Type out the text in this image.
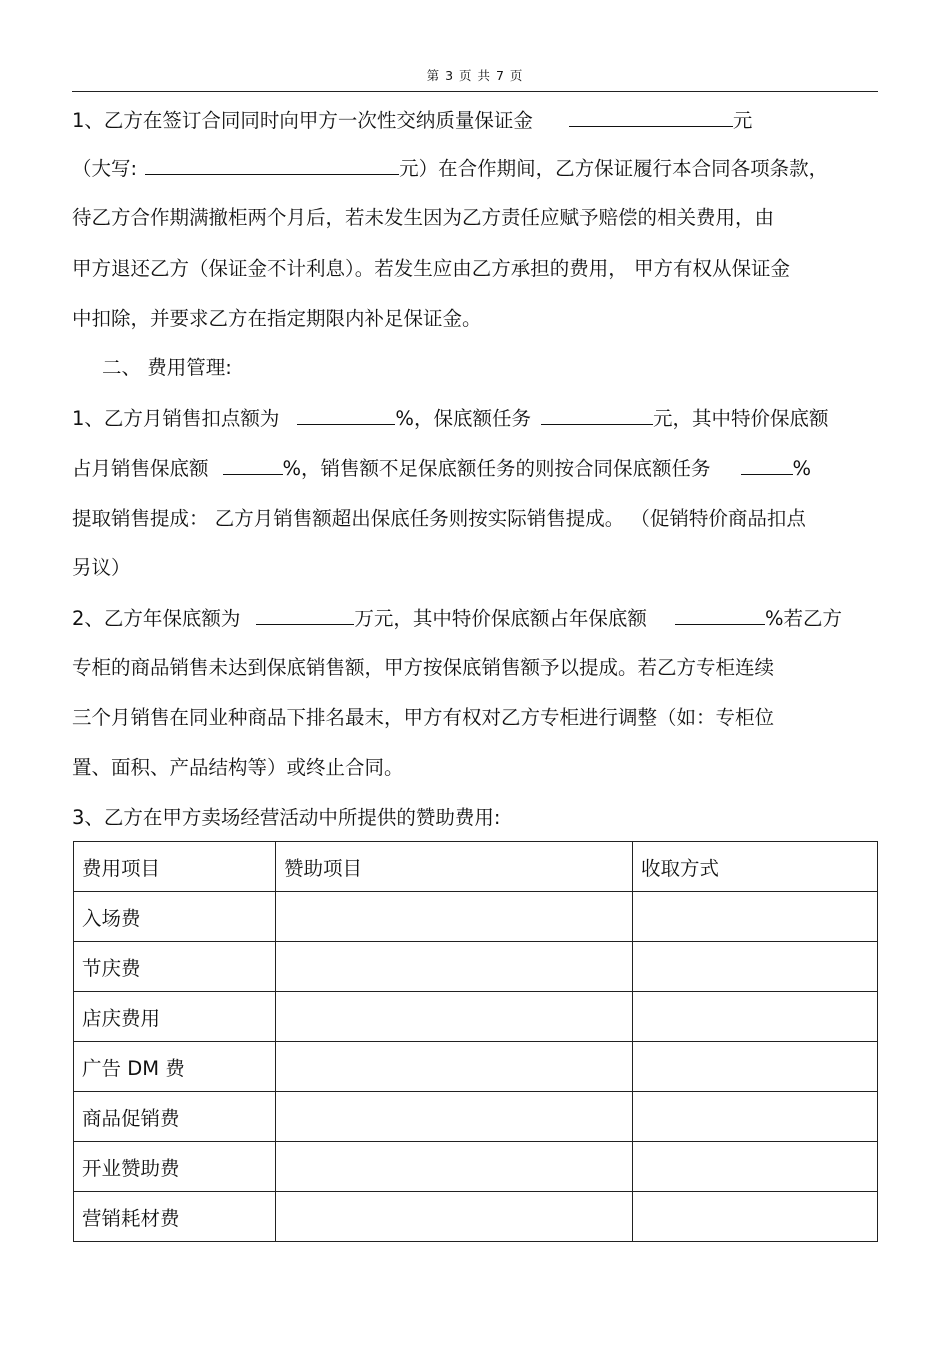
第 3 页 共 7 页
1、乙方在签订合同同时向甲方一次性交纳质量保证金	元
（大写:	元）在合作期间，乙方保证履行本合同各项条款，
待乙方合作期满撤柜两个月后，若未发生因为乙方责任应赋予赔偿的相关费用，由
甲方退还乙方（保证金不计利息）。若发生应由乙方承担的费用， 甲方有权从保证金
中扣除，并要求乙方在指定期限内补足保证金。
二、 费用管理:
1、乙方月销售扣点额为	%，保底额任务	元，其中特价保底额
占月销售保底额	%，销售额不足保底额任务的则按合同保底额任务	%
提取销售提成： 乙方月销售额超出保底任务则按实际销售提成。 （促销特价商品扣点
另议）
2、乙方年保底额为	万元，其中特价保底额占年保底额	%若乙方
专柜的商品销售未达到保底销售额，甲方按保底销售额予以提成。若乙方专柜连续
三个月销售在同业种商品下排名最末，甲方有权对乙方专柜进行调整（如：专柜位
置、面积、产品结构等）或终止合同。
3、乙方在甲方卖场经营活动中所提供的赞助费用:
费用项目	赞助项目	收取方式
入场费		
节庆费		
店庆费用		
广告 DM 费		
商品促销费		
开业赞助费		
营销耗材费		
